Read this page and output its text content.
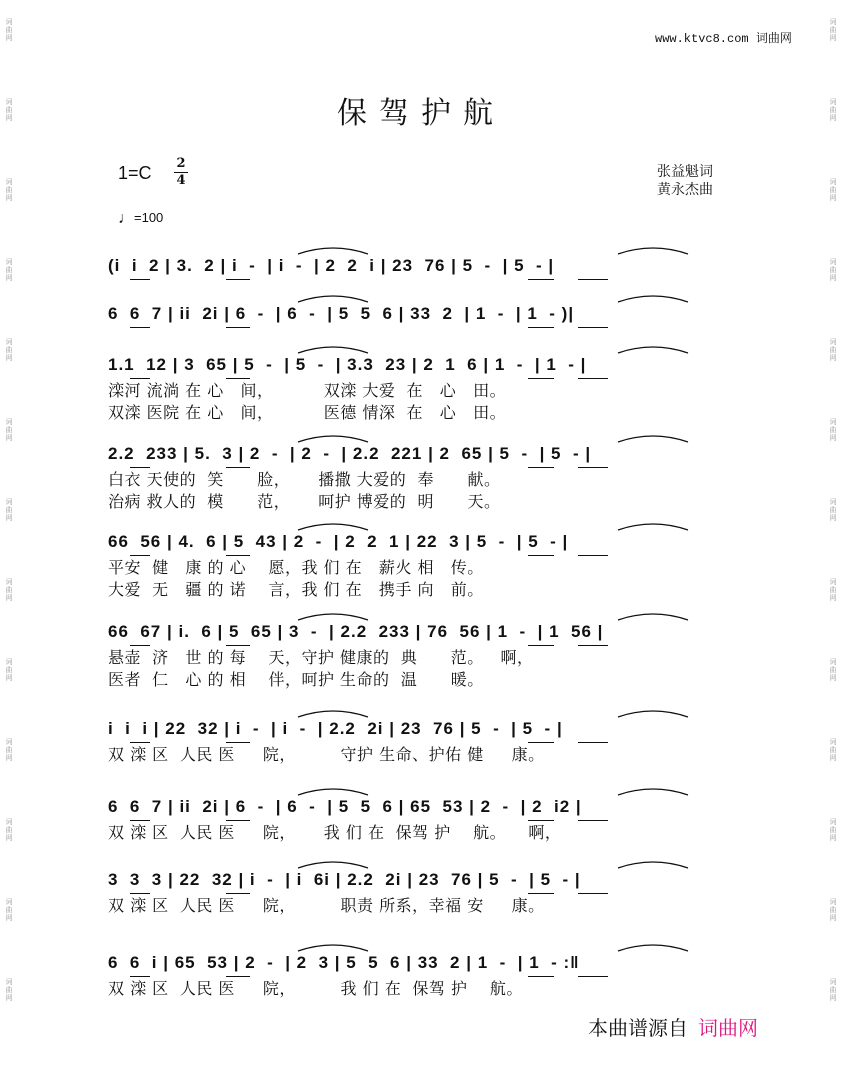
词曲网
词曲网
词曲网
词曲网
词曲网
词曲网
词曲网
词曲网
词曲网
词曲网
词曲网
词曲网
词曲网
词曲网
词曲网
词曲网
词曲网
词曲网
词曲网
词曲网
词曲网
词曲网
词曲网
词曲网
词曲网
词曲网
www.ktvc8.com 词曲网
保驾护航
1=C 2
4
张益魁词
黄永杰曲
♩=100
(i  i  2 | 3.  2 | i  -  | i  -  | 2  2  i | 23  76 | 5  -  | 5  - |
6  6  7 | ii  2i | 6  -  | 6  -  | 5  5  6 | 33  2  | 1  -  | 1  - )|
1.1  12 | 3  65 | 5  -  | 5  -  | 3.3  23 | 2  1  6 | 1  -  | 1  - |
滦河 流淌 在 心   间，         双滦 大爱  在   心   田。
双滦 医院 在 心   间，         医德 情深  在   心   田。
2.2  233 | 5.  3 | 2  -  | 2  -  | 2.2  221 | 2  65 | 5  -  | 5  - |
白衣 天使的  笑      脸，     播撒 大爱的  奉      献。
治病 救人的  模      范，     呵护 博爱的  明      天。
66  56 | 4.  6 | 5  43 | 2  -  | 2  2  1 | 22  3 | 5  -  | 5  - |
平安  健   康 的 心    愿，我 们 在   薪火 相   传。
大爱  无   疆 的 诺    言，我 们 在   携手 向   前。
66  67 | i.  6 | 5  65 | 3  -  | 2.2  233 | 76  56 | 1  -  | 1  56 |
悬壶  济   世 的 每    天，守护 健康的  典      范。   啊，
医者  仁   心 的 相    伴，呵护 生命的  温      暖。
i  i  i | 22  32 | i  -  | i  -  | 2.2  2i | 23  76 | 5  -  | 5  - |
双 滦 区  人民 医     院，        守护 生命、护佑 健     康。
6  6  7 | ii  2i | 6  -  | 6  -  | 5  5  6 | 65  53 | 2  -  | 2  i2 |
双 滦 区  人民 医     院，     我 们 在  保驾 护    航。    啊，
3  3  3 | 22  32 | i  -  | i  6i | 2.2  2i | 23  76 | 5  -  | 5  - |
双 滦 区  人民 医     院，        职责 所系，幸福 安     康。
6  6  i | 65  53 | 2  -  | 2  3 | 5  5  6 | 33  2 | 1  -  | 1  - :‖
双 滦 区  人民 医     院，        我 们 在  保驾 护    航。
本曲谱源自 词曲网
